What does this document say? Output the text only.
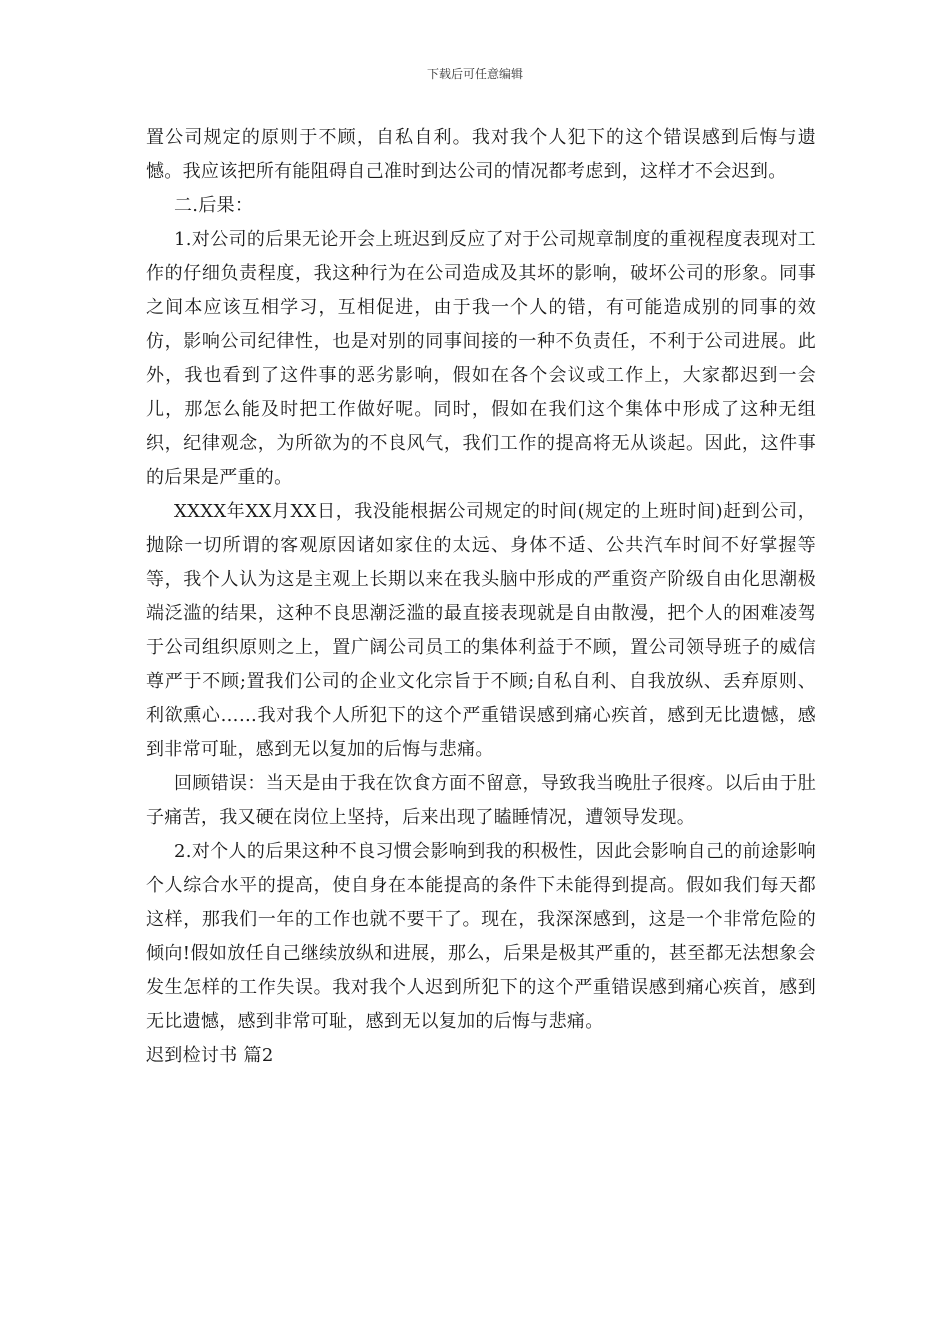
下载后可任意编辑

置公司规定的原则于不顾，自私自利。我对我个人犯下的这个错误感到后悔与遗憾。我应该把所有能阻碍自己准时到达公司的情况都考虑到，这样才不会迟到。

二.后果：

1.对公司的后果无论开会上班迟到反应了对于公司规章制度的重视程度表现对工作的仔细负责程度，我这种行为在公司造成及其坏的影响，破坏公司的形象。同事之间本应该互相学习，互相促进，由于我一个人的错，有可能造成别的同事的效仿，影响公司纪律性，也是对别的同事间接的一种不负责任，不利于公司进展。此外，我也看到了这件事的恶劣影响，假如在各个会议或工作上，大家都迟到一会儿，那怎么能及时把工作做好呢。同时，假如在我们这个集体中形成了这种无组织，纪律观念，为所欲为的不良风气，我们工作的提高将无从谈起。因此，这件事的后果是严重的。

XXXX年XX月XX日，我没能根据公司规定的时间(规定的上班时间)赶到公司，抛除一切所谓的客观原因诸如家住的太远、身体不适、公共汽车时间不好掌握等等，我个人认为这是主观上长期以来在我头脑中形成的严重资产阶级自由化思潮极端泛滥的结果，这种不良思潮泛滥的最直接表现就是自由散漫，把个人的困难凌驾于公司组织原则之上，置广阔公司员工的集体利益于不顾，置公司领导班子的威信尊严于不顾;置我们公司的企业文化宗旨于不顾;自私自利、自我放纵、丢弃原则、利欲熏心……我对我个人所犯下的这个严重错误感到痛心疾首，感到无比遗憾，感到非常可耻，感到无以复加的后悔与悲痛。

回顾错误：当天是由于我在饮食方面不留意，导致我当晚肚子很疼。以后由于肚子痛苦，我又硬在岗位上坚持，后来出现了瞌睡情况，遭领导发现。

2.对个人的后果这种不良习惯会影响到我的积极性，因此会影响自己的前途影响个人综合水平的提高，使自身在本能提高的条件下未能得到提高。假如我们每天都这样，那我们一年的工作也就不要干了。现在，我深深感到，这是一个非常危险的倾向!假如放任自己继续放纵和进展，那么，后果是极其严重的，甚至都无法想象会发生怎样的工作失误。我对我个人迟到所犯下的这个严重错误感到痛心疾首，感到无比遗憾，感到非常可耻，感到无以复加的后悔与悲痛。

迟到检讨书 篇2
